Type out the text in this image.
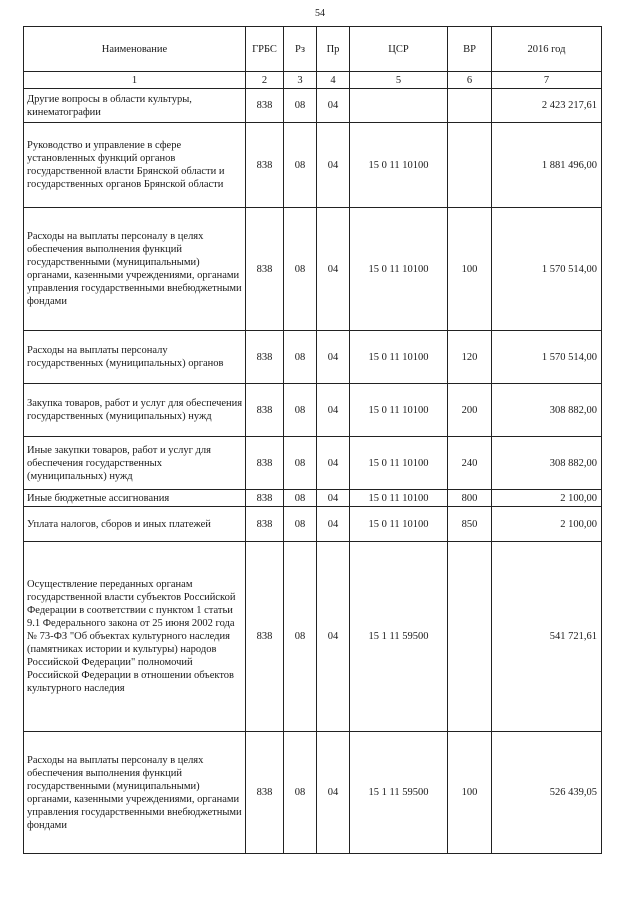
54
Наименование	ГРБС	Рз	Пр	ЦСР	ВР	2016 год
1	2	3	4	5	6	7
Другие вопросы в области культуры, кинематографии	838	08	04			2 423 217,61
Руководство и управление в сфере установленных функций органов государственной власти Брянской области и государственных органов Брянской области	838	08	04	15 0 11 10100		1 881 496,00
Расходы на выплаты персоналу в целях обеспечения выполнения функций государственными (муниципальными) органами, казенными учреждениями, органами управления государственными внебюджетными фондами	838	08	04	15 0 11 10100	100	1 570 514,00
Расходы на выплаты персоналу государственных (муниципальных) органов	838	08	04	15 0 11 10100	120	1 570 514,00
Закупка товаров, работ и услуг для обеспечения государственных (муниципальных) нужд	838	08	04	15 0 11 10100	200	308 882,00
Иные закупки товаров, работ и услуг для обеспечения государственных (муниципальных) нужд	838	08	04	15 0 11 10100	240	308 882,00
Иные бюджетные ассигнования	838	08	04	15 0 11 10100	800	2 100,00
Уплата налогов, сборов и иных платежей	838	08	04	15 0 11 10100	850	2 100,00
Осуществление переданных органам государственной власти субъектов Российской Федерации в соответствии с пунктом 1 статьи 9.1 Федерального закона от 25 июня 2002 года № 73-ФЗ "Об объектах культурного наследия (памятниках истории и культуры) народов Российской Федерации" полномочий Российской Федерации в отношении объектов культурного наследия	838	08	04	15 1 11 59500		541 721,61
Расходы на выплаты персоналу в целях обеспечения выполнения функций государственными (муниципальными) органами, казенными учреждениями, органами управления государственными внебюджетными фондами	838	08	04	15 1 11 59500	100	526 439,05
